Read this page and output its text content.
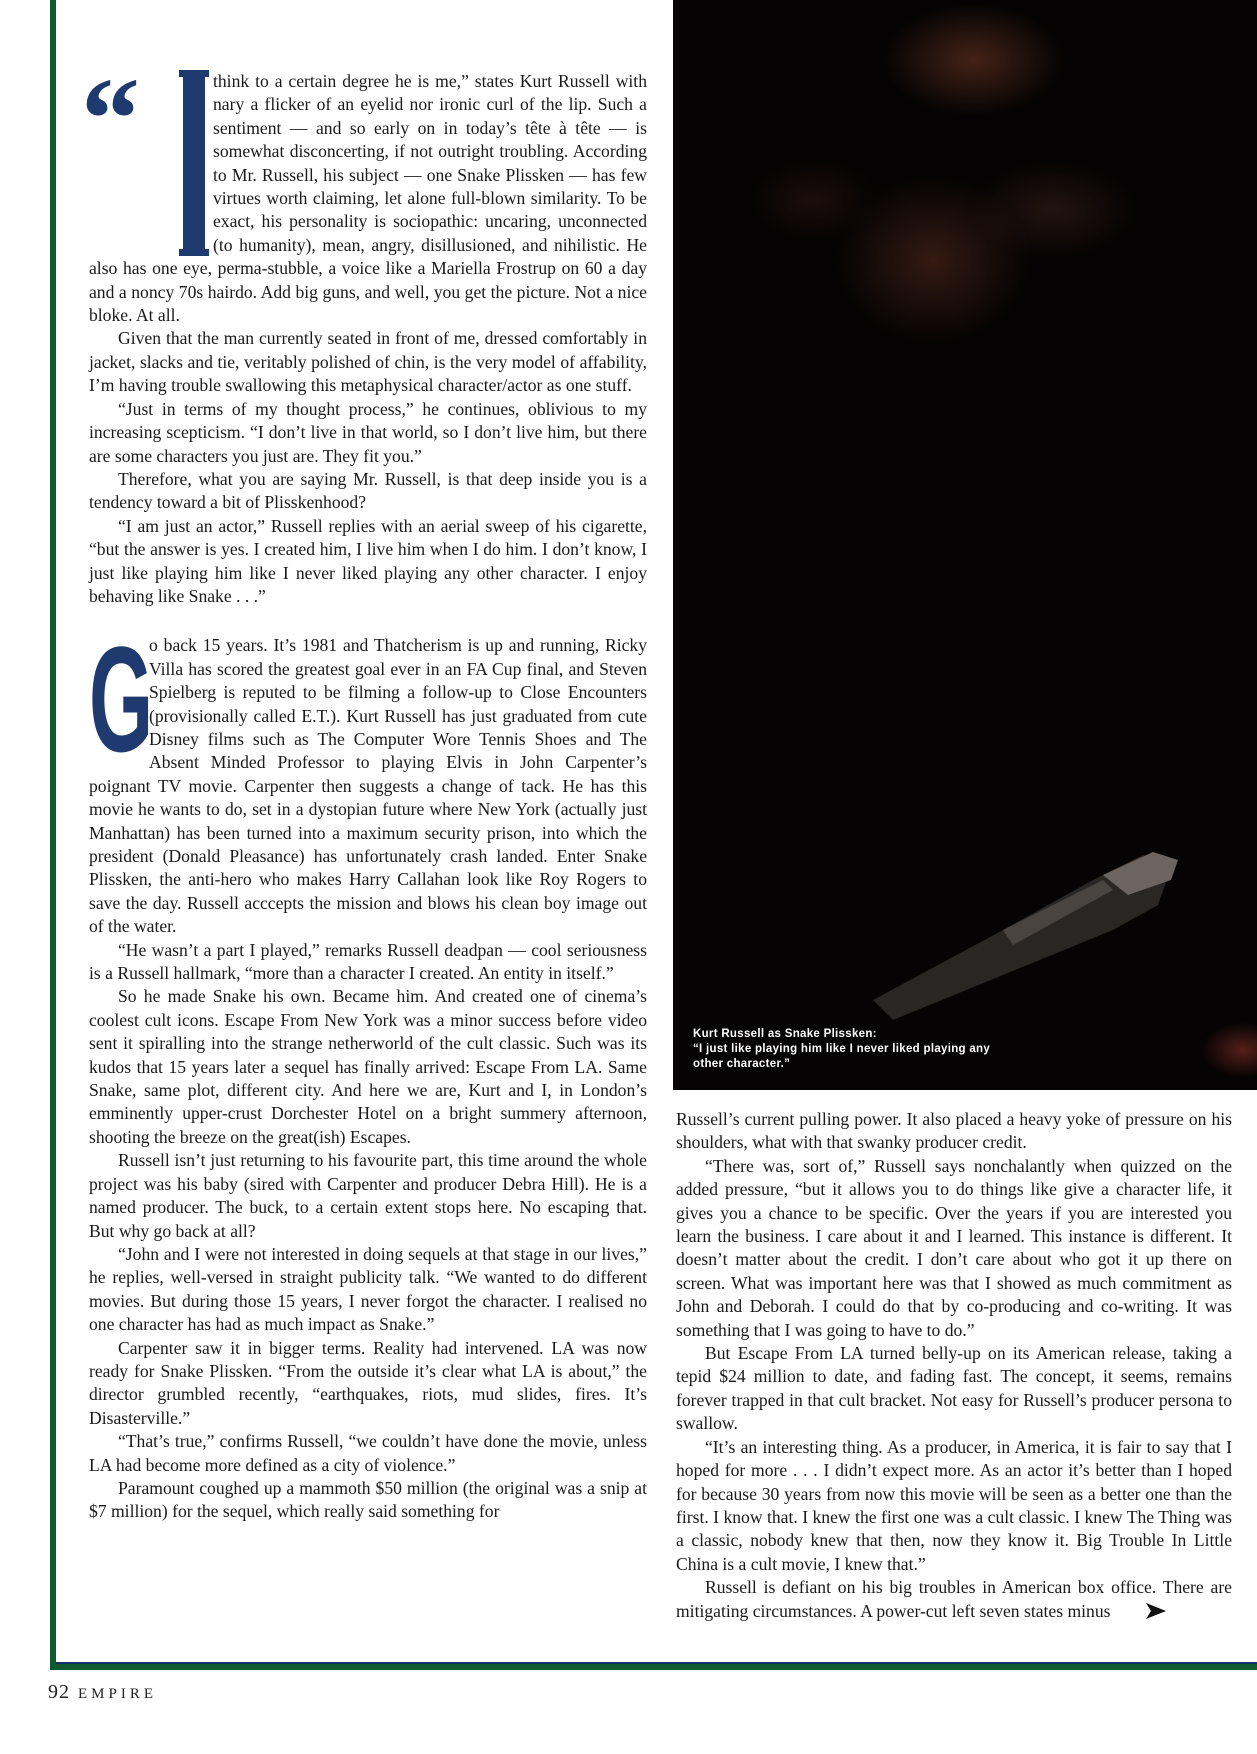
“	think to a certain degree he is me,” states Kurt Russell with nary a flicker of an eyelid nor ironic curl of the lip. Such a sentiment — and so early on in today’s tête à tête — is somewhat disconcerting, if not outright troubling. According to Mr. Russell, his subject — one Snake Plissken — has few virtues worth claiming, let alone full-blown similarity. To be exact, his personality is sociopathic: uncaring, unconnected (to humanity), mean, angry, disillusioned, and nihilistic. He also has one eye, perma-stubble, a voice like a Mariella Frostrup on 60 a day and a noncy 70s hairdo. Add big guns, and well, you get the picture. Not a nice bloke. At all.

Given that the man currently seated in front of me, dressed comfortably in jacket, slacks and tie, veritably polished of chin, is the very model of affability, I’m having trouble swallowing this metaphysical character/actor as one stuff.

“Just in terms of my thought process,” he continues, oblivious to my increasing scepticism. “I don’t live in that world, so I don’t live him, but there are some characters you just are. They fit you.”

Therefore, what you are saying Mr. Russell, is that deep inside you is a tendency toward a bit of Plisskenhood?

“I am just an actor,” Russell replies with an aerial sweep of his cigarette, “but the answer is yes. I created him, I live him when I do him. I don’t know, I just like playing him like I never liked playing any other character. I enjoy behaving like Snake . . .”

G

o back 15 years. It’s 1981 and Thatcherism is up and running, Ricky Villa has scored the greatest goal ever in an FA Cup final, and Steven Spielberg is reputed to be filming a follow-up to Close Encounters (provisionally called E.T.). Kurt Russell has just graduated from cute Disney films such as The Computer Wore Tennis Shoes and The Absent Minded Professor to playing Elvis in John Carpenter’s poignant TV movie. Carpenter then suggests a change of tack. He has this movie he wants to do, set in a dystopian future where New York (actually just Manhattan) has been turned into a maximum security prison, into which the president (Donald Pleasance) has unfortunately crash landed. Enter Snake Plissken, the anti-hero who makes Harry Callahan look like Roy Rogers to save the day. Russell acccepts the mission and blows his clean boy image out of the water.

“He wasn’t a part I played,” remarks Russell deadpan — cool seriousness is a Russell hallmark, “more than a character I created. An entity in itself.”

So he made Snake his own. Became him. And created one of cinema’s coolest cult icons. Escape From New York was a minor success before video sent it spiralling into the strange netherworld of the cult classic. Such was its kudos that 15 years later a sequel has finally arrived: Escape From LA. Same Snake, same plot, different city. And here we are, Kurt and I, in London’s emminently upper-crust Dorchester Hotel on a bright summery afternoon, shooting the breeze on the great(ish) Escapes.

Russell isn’t just returning to his favourite part, this time around the whole project was his baby (sired with Carpenter and producer Debra Hill). He is a named producer. The buck, to a certain extent stops here. No escaping that. But why go back at all?

“John and I were not interested in doing sequels at that stage in our lives,” he replies, well-versed in straight publicity talk. “We wanted to do different movies. But during those 15 years, I never forgot the character. I realised no one character has had as much impact as Snake.”

Carpenter saw it in bigger terms. Reality had intervened. LA was now ready for Snake Plissken. “From the outside it’s clear what LA is about,” the director grumbled recently, “earthquakes, riots, mud slides, fires. It’s Disasterville.”

“That’s true,” confirms Russell, “we couldn’t have done the movie, unless LA had become more defined as a city of violence.”

Paramount coughed up a mammoth $50 million (the original was a snip at $7 million) for the sequel, which really said something for

Kurt Russell as Snake Plissken:
“I just like playing him like I never liked playing any other character.”

Russell’s current pulling power. It also placed a heavy yoke of pressure on his shoulders, what with that swanky producer credit.

“There was, sort of,” Russell says nonchalantly when quizzed on the added pressure, “but it allows you to do things like give a character life, it gives you a chance to be specific. Over the years if you are interested you learn the business. I care about it and I learned. This instance is different. It doesn’t matter about the credit. I don’t care about who got it up there on screen. What was important here was that I showed as much commitment as John and Deborah. I could do that by co-producing and co-writing. It was something that I was going to have to do.”

But Escape From LA turned belly-up on its American release, taking a tepid $24 million to date, and fading fast. The concept, it seems, remains forever trapped in that cult bracket. Not easy for Russell’s producer persona to swallow.

“It’s an interesting thing. As a producer, in America, it is fair to say that I hoped for more . . . I didn’t expect more. As an actor it’s better than I hoped for because 30 years from now this movie will be seen as a better one than the first. I know that. I knew the first one was a cult classic. I knew The Thing was a classic, nobody knew that then, now they know it. Big Trouble In Little China is a cult movie, I knew that.”

Russell is defiant on his big troubles in American box office. There are mitigating circumstances. A power-cut left seven states minus

92 EMPIRE
